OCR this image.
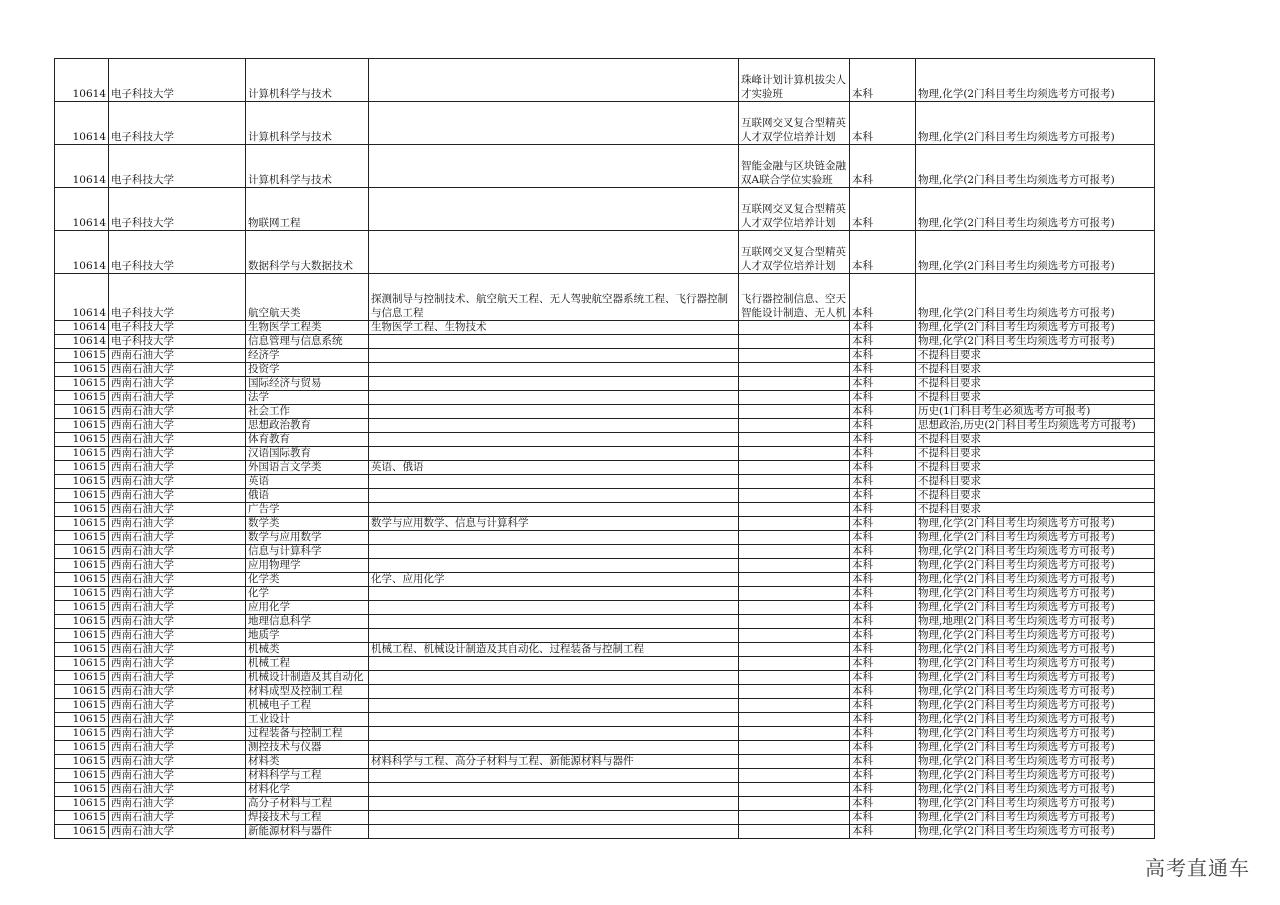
10614	电子科技大学	计算机科学与技术		珠峰计划计算机拔尖人才实验班	本科	物理,化学(2门科目考生均须选考方可报考)
10614	电子科技大学	计算机科学与技术		互联网交叉复合型精英人才双学位培养计划	本科	物理,化学(2门科目考生均须选考方可报考)
10614	电子科技大学	计算机科学与技术		智能金融与区块链金融双A联合学位实验班	本科	物理,化学(2门科目考生均须选考方可报考)
10614	电子科技大学	物联网工程		互联网交叉复合型精英人才双学位培养计划	本科	物理,化学(2门科目考生均须选考方可报考)
10614	电子科技大学	数据科学与大数据技术		互联网交叉复合型精英人才双学位培养计划	本科	物理,化学(2门科目考生均须选考方可报考)
10614	电子科技大学	航空航天类	探测制导与控制技术、航空航天工程、无人驾驶航空器系统工程、飞行器控制与信息工程	飞行器控制信息、空天智能设计制造、无人机	本科	物理,化学(2门科目考生均须选考方可报考)
10614	电子科技大学	生物医学工程类	生物医学工程、生物技术		本科	物理,化学(2门科目考生均须选考方可报考)
10614	电子科技大学	信息管理与信息系统			本科	物理,化学(2门科目考生均须选考方可报考)
10615	西南石油大学	经济学			本科	不提科目要求
10615	西南石油大学	投资学			本科	不提科目要求
10615	西南石油大学	国际经济与贸易			本科	不提科目要求
10615	西南石油大学	法学			本科	不提科目要求
10615	西南石油大学	社会工作			本科	历史(1门科目考生必须选考方可报考)
10615	西南石油大学	思想政治教育			本科	思想政治,历史(2门科目考生均须选考方可报考)
10615	西南石油大学	体育教育			本科	不提科目要求
10615	西南石油大学	汉语国际教育			本科	不提科目要求
10615	西南石油大学	外国语言文学类	英语、俄语		本科	不提科目要求
10615	西南石油大学	英语			本科	不提科目要求
10615	西南石油大学	俄语			本科	不提科目要求
10615	西南石油大学	广告学			本科	不提科目要求
10615	西南石油大学	数学类	数学与应用数学、信息与计算科学		本科	物理,化学(2门科目考生均须选考方可报考)
10615	西南石油大学	数学与应用数学			本科	物理,化学(2门科目考生均须选考方可报考)
10615	西南石油大学	信息与计算科学			本科	物理,化学(2门科目考生均须选考方可报考)
10615	西南石油大学	应用物理学			本科	物理,化学(2门科目考生均须选考方可报考)
10615	西南石油大学	化学类	化学、应用化学		本科	物理,化学(2门科目考生均须选考方可报考)
10615	西南石油大学	化学			本科	物理,化学(2门科目考生均须选考方可报考)
10615	西南石油大学	应用化学			本科	物理,化学(2门科目考生均须选考方可报考)
10615	西南石油大学	地理信息科学			本科	物理,地理(2门科目考生均须选考方可报考)
10615	西南石油大学	地质学			本科	物理,化学(2门科目考生均须选考方可报考)
10615	西南石油大学	机械类	机械工程、机械设计制造及其自动化、过程装备与控制工程		本科	物理,化学(2门科目考生均须选考方可报考)
10615	西南石油大学	机械工程			本科	物理,化学(2门科目考生均须选考方可报考)
10615	西南石油大学	机械设计制造及其自动化			本科	物理,化学(2门科目考生均须选考方可报考)
10615	西南石油大学	材料成型及控制工程			本科	物理,化学(2门科目考生均须选考方可报考)
10615	西南石油大学	机械电子工程			本科	物理,化学(2门科目考生均须选考方可报考)
10615	西南石油大学	工业设计			本科	物理,化学(2门科目考生均须选考方可报考)
10615	西南石油大学	过程装备与控制工程			本科	物理,化学(2门科目考生均须选考方可报考)
10615	西南石油大学	测控技术与仪器			本科	物理,化学(2门科目考生均须选考方可报考)
10615	西南石油大学	材料类	材料科学与工程、高分子材料与工程、新能源材料与器件		本科	物理,化学(2门科目考生均须选考方可报考)
10615	西南石油大学	材料科学与工程			本科	物理,化学(2门科目考生均须选考方可报考)
10615	西南石油大学	材料化学			本科	物理,化学(2门科目考生均须选考方可报考)
10615	西南石油大学	高分子材料与工程			本科	物理,化学(2门科目考生均须选考方可报考)
10615	西南石油大学	焊接技术与工程			本科	物理,化学(2门科目考生均须选考方可报考)
10615	西南石油大学	新能源材料与器件			本科	物理,化学(2门科目考生均须选考方可报考)
高考直通车
